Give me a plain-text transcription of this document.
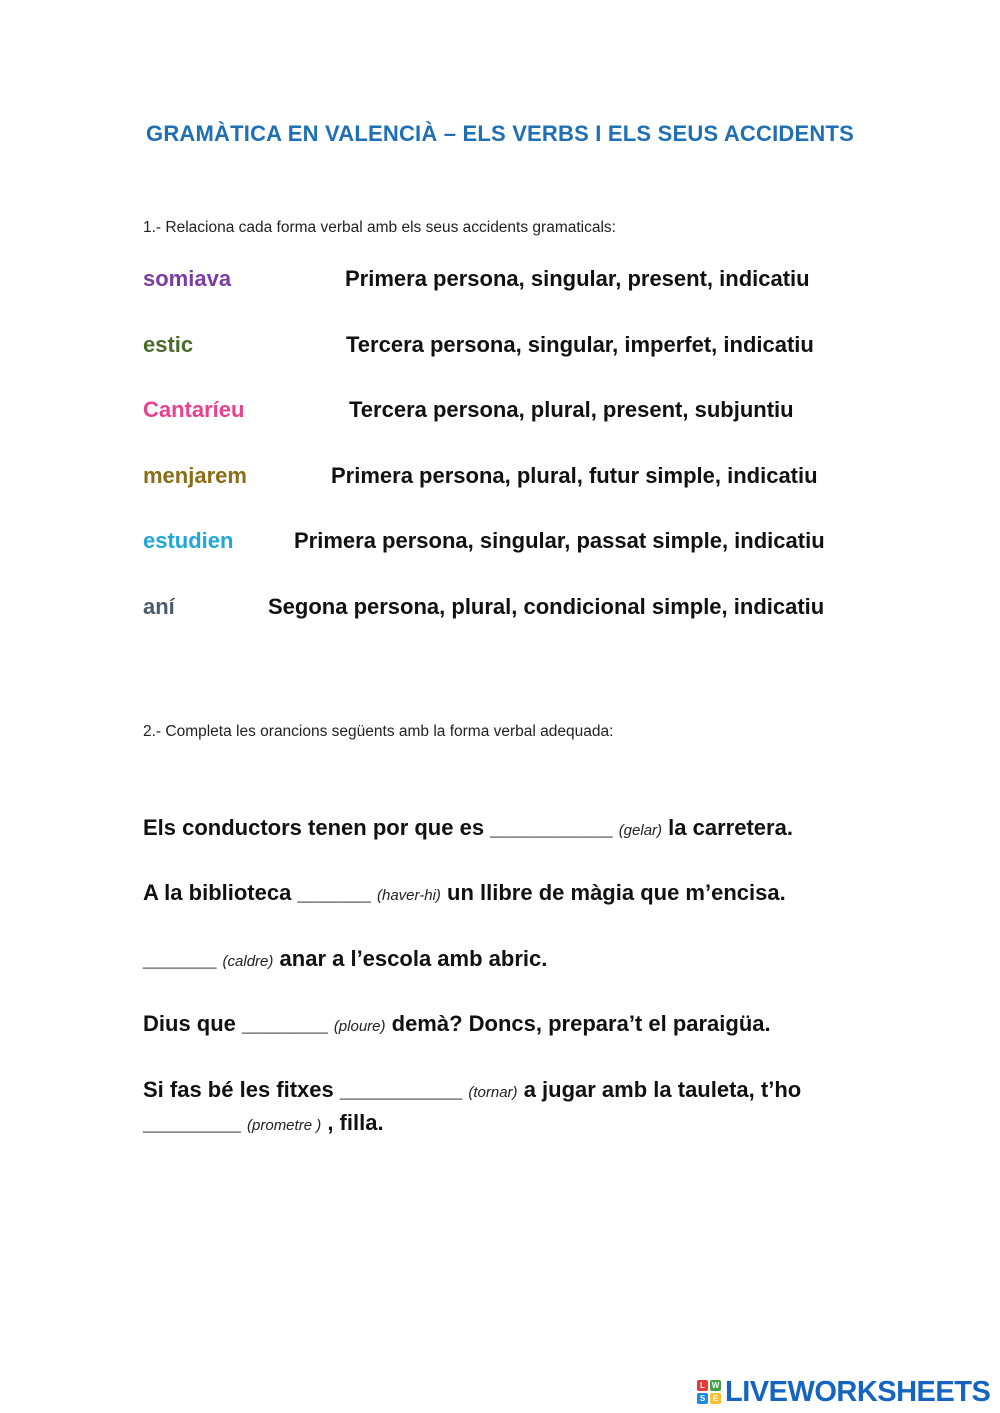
GRAMÀTICA EN VALENCIÀ – ELS VERBS I ELS SEUS ACCIDENTS
1.- Relaciona cada forma verbal amb els seus accidents gramaticals:
somiava
estic
Cantaríeu
menjarem
estudien
aní
Primera persona, singular, present, indicatiu
Tercera persona, singular, imperfet, indicatiu
Tercera persona, plural, present, subjuntiu
Primera persona, plural, futur simple, indicatiu
Primera persona, singular, passat simple, indicatiu
Segona persona, plural, condicional simple, indicatiu
2.- Completa les orancions següents amb la forma verbal adequada:
Els conductors tenen por que es __________ (gelar) la carretera.
A la biblioteca ______ (haver-hi) un llibre de màgia que m’encisa.
______ (caldre) anar a l’escola amb abric.
Dius que _______ (ploure) demà? Doncs, prepara’t el paraigüa.
Si fas bé les fitxes __________ (tornar) a jugar amb la tauleta, t’ho
________ (prometre ) , filla.
L W
S E LIVEWORKSHEETS
